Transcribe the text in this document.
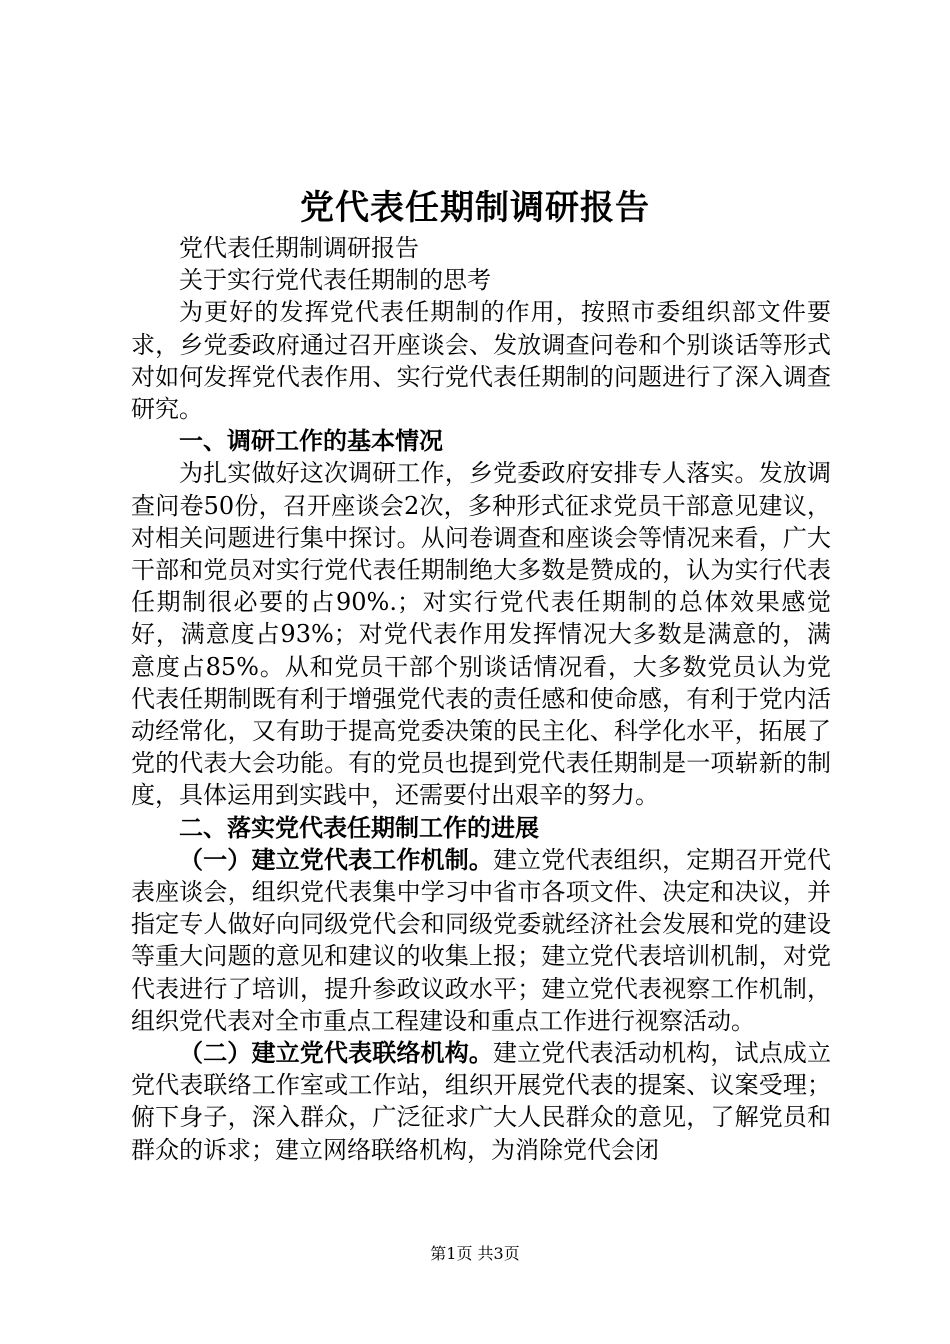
党代表任期制调研报告

党代表任期制调研报告

关于实行党代表任期制的思考

为更好的发挥党代表任期制的作用，按照市委组织部文件要求，乡党委政府通过召开座谈会、发放调查问卷和个别谈话等形式对如何发挥党代表作用、实行党代表任期制的问题进行了深入调查研究。

一、调研工作的基本情况

为扎实做好这次调研工作，乡党委政府安排专人落实。发放调查问卷50份，召开座谈会2次，多种形式征求党员干部意见建议，对相关问题进行集中探讨。从问卷调查和座谈会等情况来看，广大干部和党员对实行党代表任期制绝大多数是赞成的，认为实行代表任期制很必要的占90%.；对实行党代表任期制的总体效果感觉好，满意度占93%；对党代表作用发挥情况大多数是满意的，满意度占85%。从和党员干部个别谈话情况看，大多数党员认为党代表任期制既有利于增强党代表的责任感和使命感，有利于党内活动经常化，又有助于提高党委决策的民主化、科学化水平，拓展了党的代表大会功能。有的党员也提到党代表任期制是一项崭新的制度，具体运用到实践中，还需要付出艰辛的努力。

二、落实党代表任期制工作的进展

（一）建立党代表工作机制。建立党代表组织，定期召开党代表座谈会，组织党代表集中学习中省市各项文件、决定和决议，并指定专人做好向同级党代会和同级党委就经济社会发展和党的建设等重大问题的意见和建议的收集上报；建立党代表培训机制，对党代表进行了培训，提升参政议政水平；建立党代表视察工作机制，组织党代表对全市重点工程建设和重点工作进行视察活动。

（二）建立党代表联络机构。建立党代表活动机构，试点成立党代表联络工作室或工作站，组织开展党代表的提案、议案受理；俯下身子，深入群众，广泛征求广大人民群众的意见，了解党员和群众的诉求；建立网络联络机构，为消除党代会闭

第1页 共3页
